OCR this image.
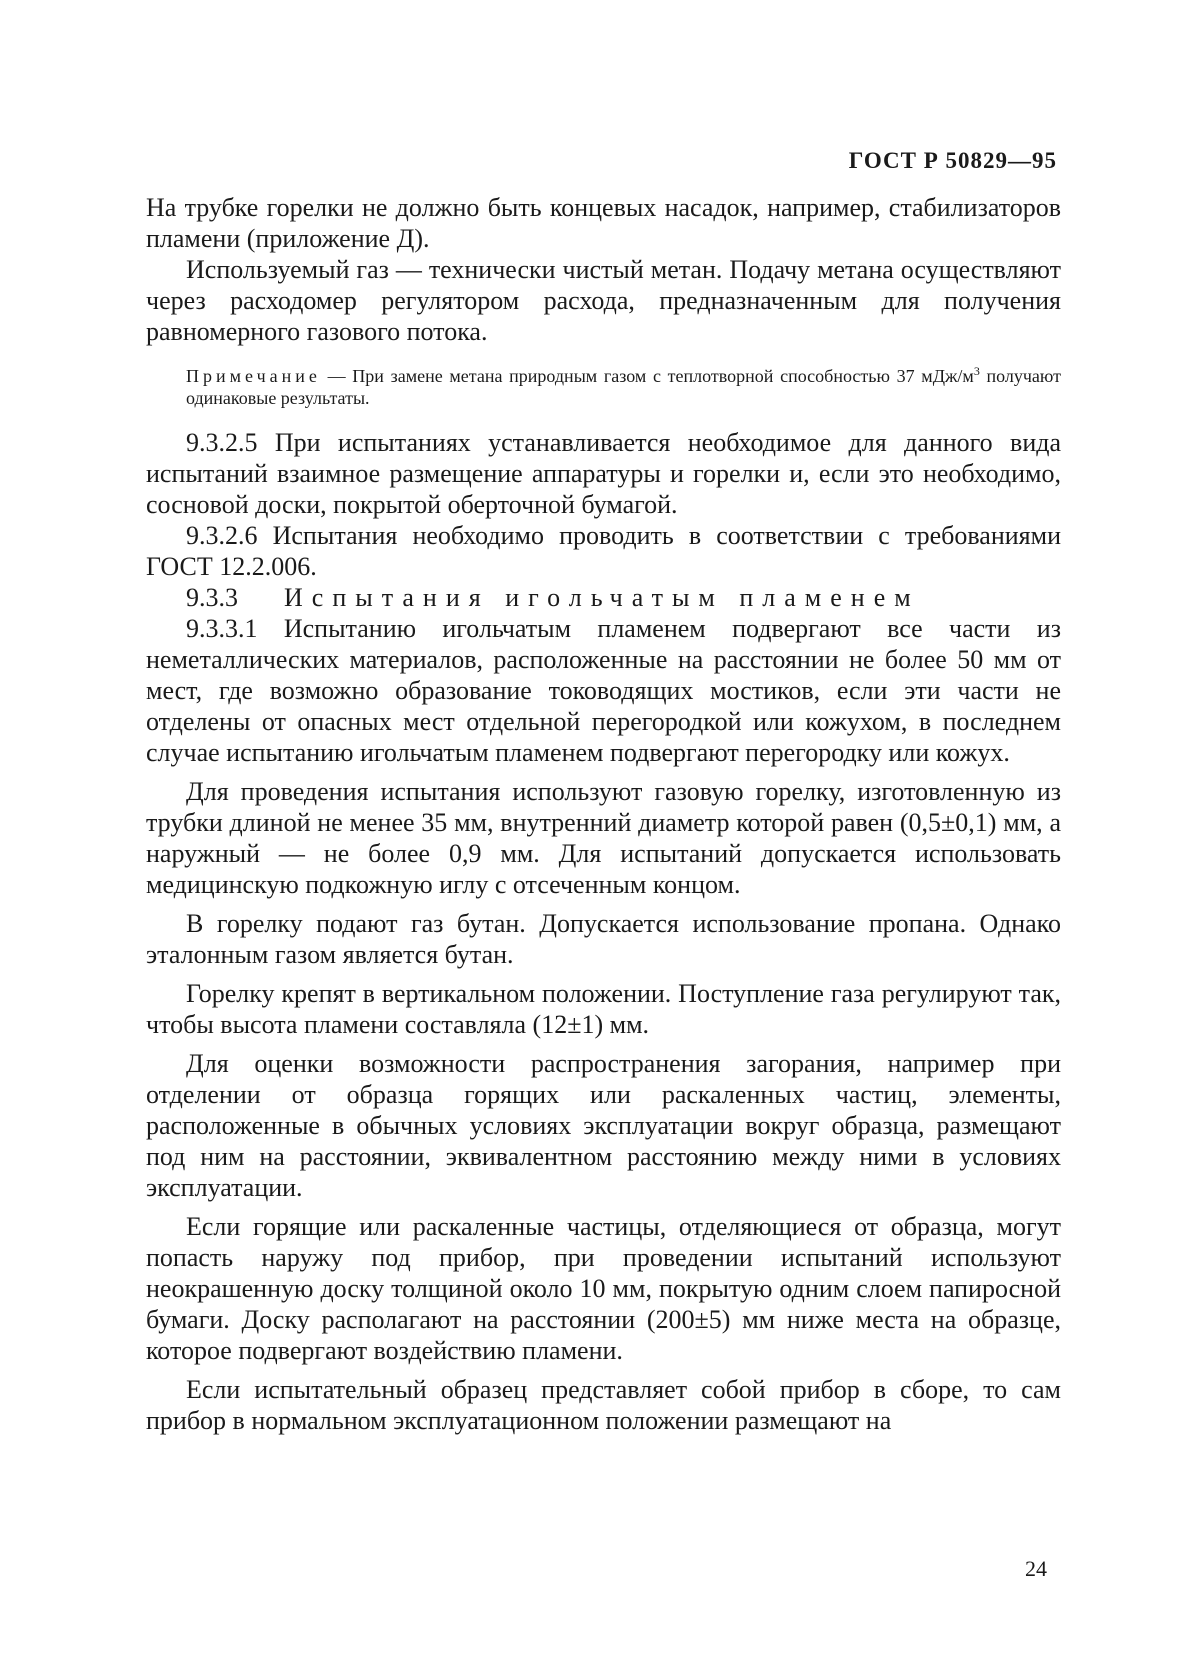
ГОСТ Р 50829—95

На трубке горелки не должно быть концевых насадок, например, стабилизаторов пламени (приложение Д).

Используемый газ — технически чистый метан. Подачу метана осуществляют через расходомер регулятором расхода, предназначенным для получения равномерного газового потока.

Примечание — При замене метана природным газом с теплотворной способностью 37 мДж/$м^3$ получают одинаковые результаты.

9.3.2.5 При испытаниях устанавливается необходимое для данного вида испытаний взаимное размещение аппаратуры и горелки и, если это необходимо, сосновой доски, покрытой оберточной бумагой.

9.3.2.6 Испытания необходимо проводить в соответствии с требованиями ГОСТ 12.2.006.

9.3.3	Испытания игольчатым пламенем

9.3.3.1 Испытанию игольчатым пламенем подвергают все части из неметаллических материалов, расположенные на расстоянии не более 50 мм от мест, где возможно образование тоководящих мостиков, если эти части не отделены от опасных мест отдельной перегородкой или кожухом, в последнем случае испытанию игольчатым пламенем подвергают перегородку или кожух.

Для проведения испытания используют газовую горелку, изготовленную из трубки длиной не менее 35 мм, внутренний диаметр которой равен (0,5±0,1) мм, а наружный — не более 0,9 мм. Для испытаний допускается использовать медицинскую подкожную иглу с отсеченным концом.

В горелку подают газ бутан. Допускается использование пропана. Однако эталонным газом является бутан.

Горелку крепят в вертикальном положении. Поступление газа регулируют так, чтобы высота пламени составляла (12±1) мм.

Для оценки возможности распространения загорания, например при отделении от образца горящих или раскаленных частиц, элементы, расположенные в обычных условиях эксплуатации вокруг образца, размещают под ним на расстоянии, эквивалентном расстоянию между ними в условиях эксплуатации.

Если горящие или раскаленные частицы, отделяющиеся от образца, могут попасть наружу под прибор, при проведении испытаний используют неокрашенную доску толщиной около 10 мм, покрытую одним слоем папиросной бумаги. Доску располагают на расстоянии (200±5) мм ниже места на образце, которое подвергают воздействию пламени.

Если испытательный образец представляет собой прибор в сборе, то сам прибор в нормальном эксплуатационном положении размещают на

24
